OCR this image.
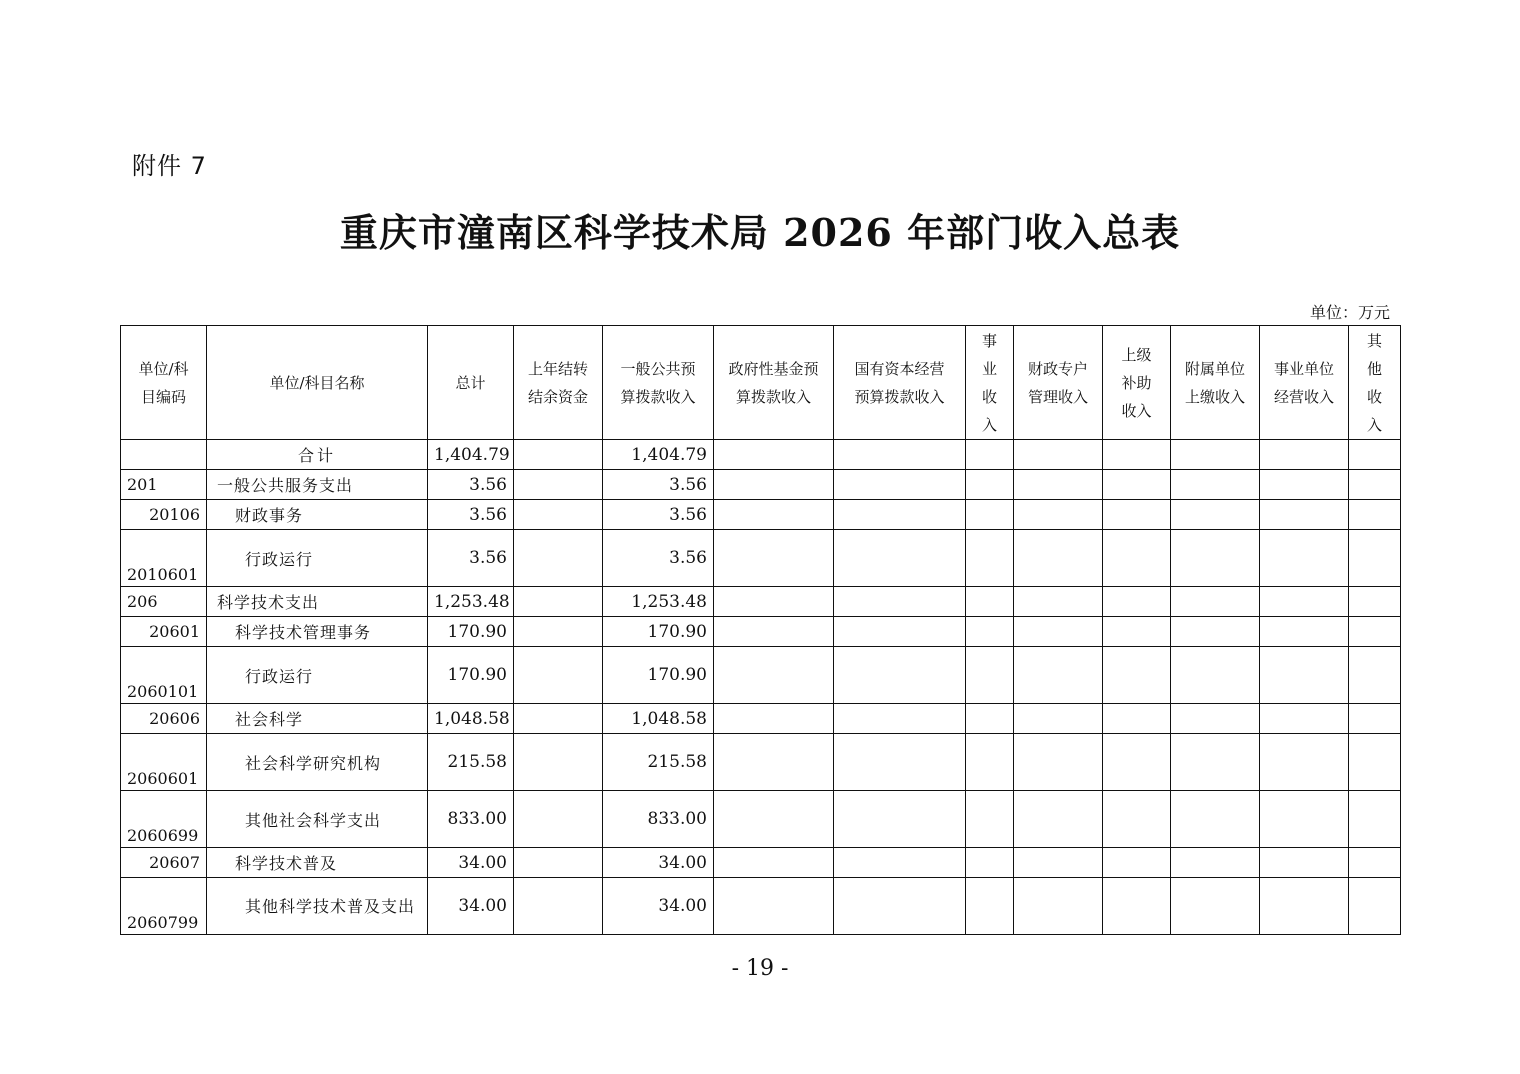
附件 7
重庆市潼南区科学技术局 2026 年部门收入总表
单位：万元
单位/科目编码	单位/科目名称	总计	上年结转结余资金	一般公共预算拨款收入	政府性基金预算拨款收入	国有资本经营预算拨款收入	事业收入	财政专户管理收入	上级补助收入	附属单位上缴收入	事业单位经营收入	其他收入
	合计	1,404.79		1,404.79								
201	一般公共服务支出	3.56		3.56								
20106	财政事务	3.56		3.56								
2010601	行政运行	3.56		3.56								
206	科学技术支出	1,253.48		1,253.48								
20601	科学技术管理事务	170.90		170.90								
2060101	行政运行	170.90		170.90								
20606	社会科学	1,048.58		1,048.58								
2060601	社会科学研究机构	215.58		215.58								
2060699	其他社会科学支出	833.00		833.00								
20607	科学技术普及	34.00		34.00								
2060799	其他科学技术普及支出	34.00		34.00								
- 19 -
